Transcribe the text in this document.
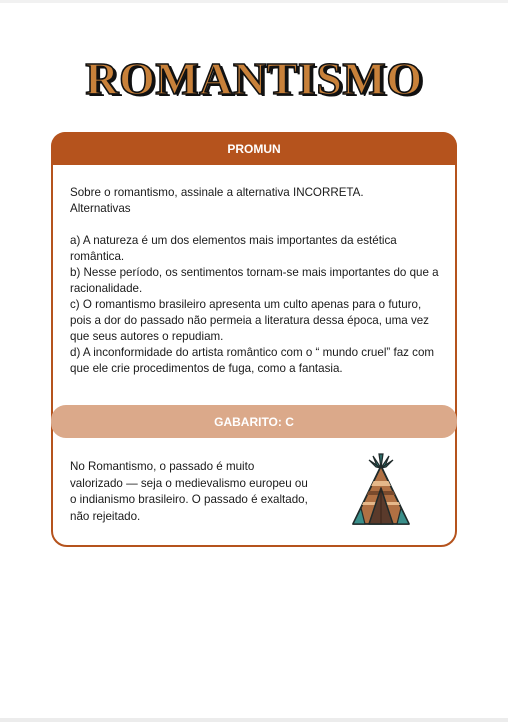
ROMANTISMO
PROMUN

Sobre o romantismo, assinale a alternativa INCORRETA.

Alternativas

a) A natureza é um dos elementos mais importantes da estética romântica.

b) Nesse período, os sentimentos tornam-se mais importantes do que a racionalidade.

c) O romantismo brasileiro apresenta um culto apenas para o futuro, pois a dor do passado não permeia a literatura dessa época, uma vez que seus autores o repudiam.

d) A inconformidade do artista romântico com o “ mundo cruel” faz com que ele crie procedimentos de fuga, como a fantasia.

GABARITO: C
No Romantismo, o passado é muito valorizado — seja o medievalismo europeu ou o indianismo brasileiro. O passado é exaltado, não rejeitado.
